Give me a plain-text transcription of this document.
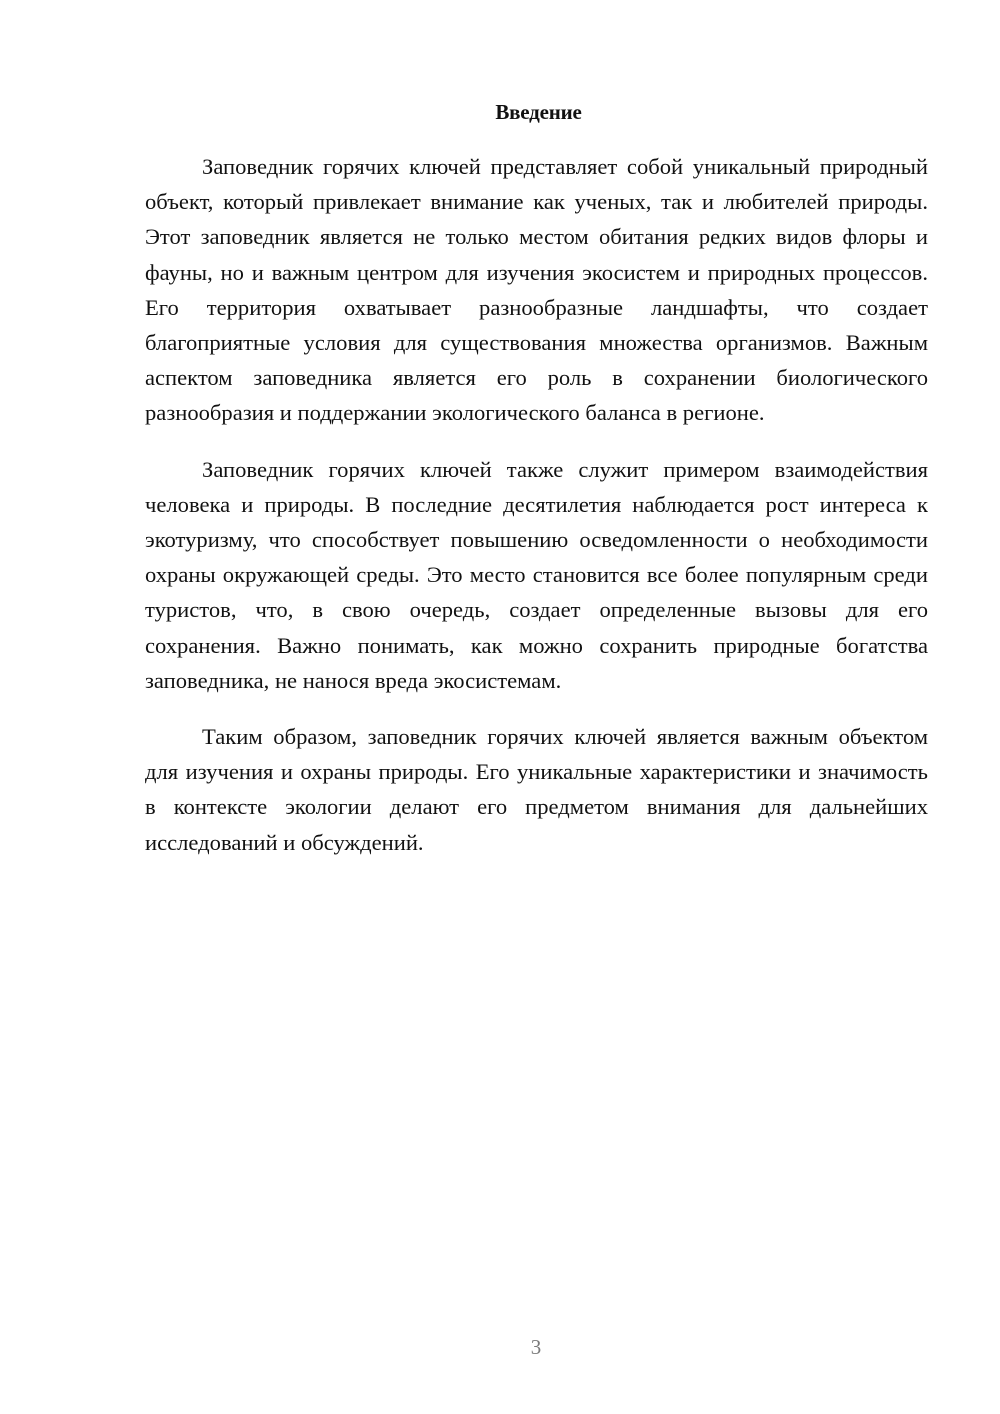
Введение

Заповедник горячих ключей представляет собой уникальный природный объект, который привлекает внимание как ученых, так и любителей природы. Этот заповедник является не только местом обитания редких видов флоры и фауны, но и важным центром для изучения экосистем и природных процессов. Его территория охватывает разнообразные ландшафты, что создает благоприятные условия для существования множества организмов. Важным аспектом заповедника является его роль в сохранении биологического разнообразия и поддержании экологического баланса в регионе.

Заповедник горячих ключей также служит примером взаимодействия человека и природы. В последние десятилетия наблюдается рост интереса к экотуризму, что способствует повышению осведомленности о необходимости охраны окружающей среды. Это место становится все более популярным среди туристов, что, в свою очередь, создает определенные вызовы для его сохранения. Важно понимать, как можно сохранить природные богатства заповедника, не нанося вреда экосистемам.

Таким образом, заповедник горячих ключей является важным объектом для изучения и охраны природы. Его уникальные характеристики и значимость в контексте экологии делают его предметом внимания для дальнейших исследований и обсуждений.

3
